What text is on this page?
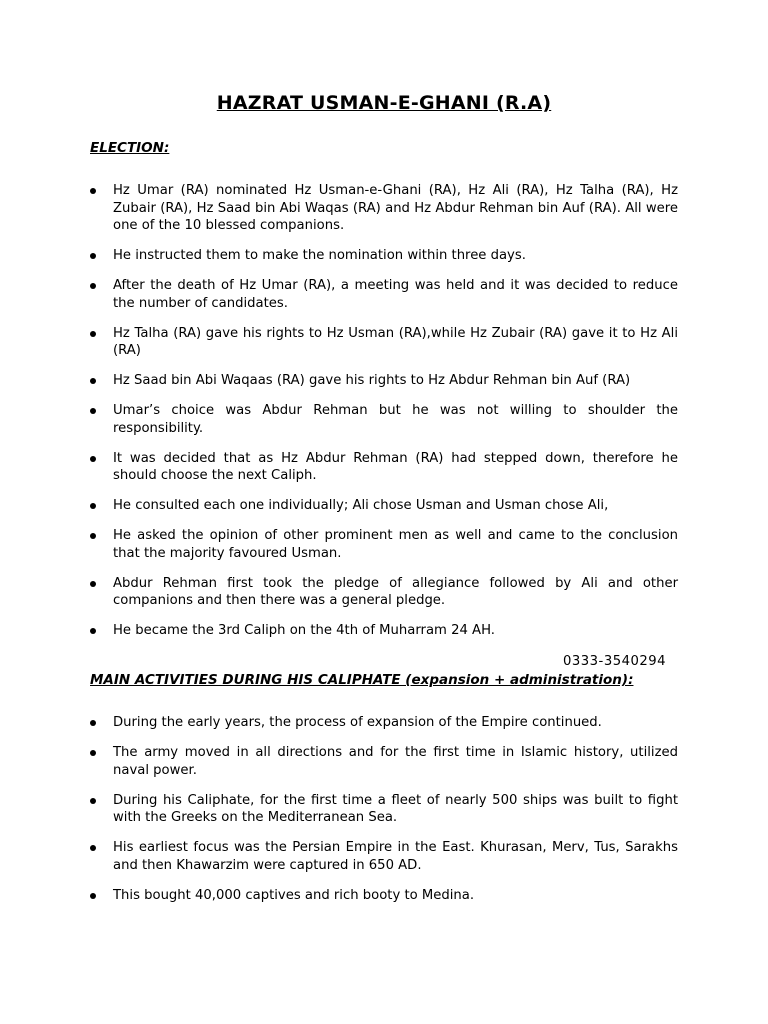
HAZRAT USMAN-E-GHANI (R.A)
ELECTION:
Hz Umar (RA) nominated Hz Usman-e-Ghani (RA), Hz Ali (RA), Hz Talha (RA), Hz Zubair (RA), Hz Saad bin Abi Waqas (RA) and Hz Abdur Rehman bin Auf (RA). All were one of the 10 blessed companions.
He instructed them to make the nomination within three days.
After the death of Hz Umar (RA), a meeting was held and it was decided to reduce the number of candidates.
Hz Talha (RA) gave his rights to Hz Usman (RA),while Hz Zubair (RA) gave it to Hz Ali (RA)
Hz Saad bin Abi Waqaas (RA) gave his rights to Hz Abdur Rehman bin Auf (RA)
Umar’s choice was Abdur Rehman but he was not willing to shoulder the responsibility.
It was decided that as Hz Abdur Rehman (RA) had stepped down, therefore he should choose the next Caliph.
He consulted each one individually; Ali chose Usman and Usman chose Ali,
He asked the opinion of other prominent men as well and came to the conclusion that the majority favoured Usman.
Abdur Rehman first took the pledge of allegiance followed by Ali and other companions and then there was a general pledge.
He became the 3rd Caliph on the 4th of Muharram 24 AH.
0333-3540294
MAIN ACTIVITIES DURING HIS CALIPHATE (expansion + administration):
During the early years, the process of expansion of the Empire continued.
The army moved in all directions and for the first time in Islamic history, utilized naval power.
During his Caliphate, for the first time a fleet of nearly 500 ships was built to fight with the Greeks on the Mediterranean Sea.
His earliest focus was the Persian Empire in the East. Khurasan, Merv, Tus, Sarakhs and then Khawarzim were captured in 650 AD.
This bought 40,000 captives and rich booty to Medina.
